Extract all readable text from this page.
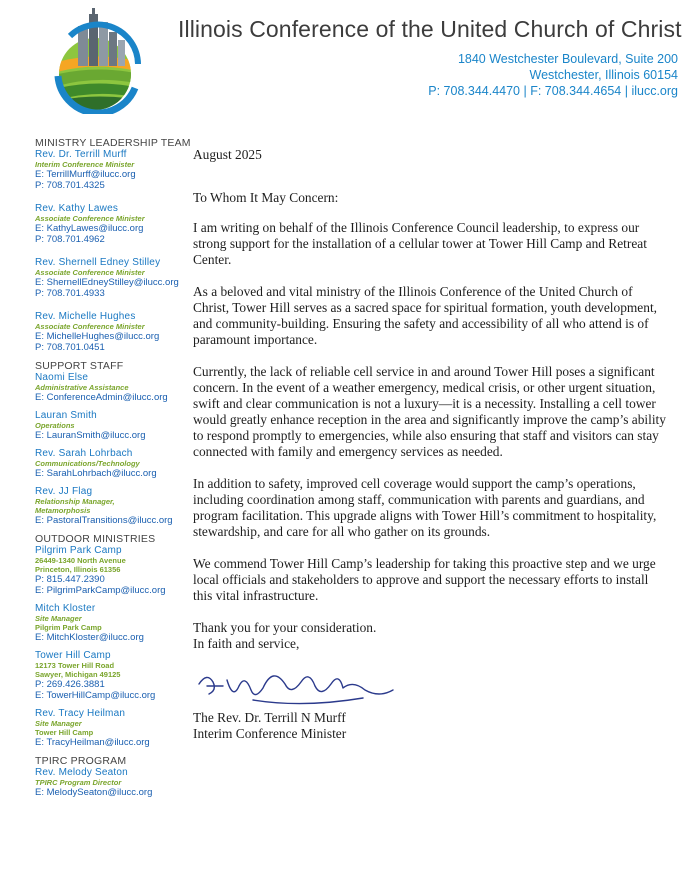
Illinois Conference of the United Church of Christ
1840 Westchester Boulevard, Suite 200
Westchester, Illinois 60154
P: 708.344.4470 | F: 708.344.4654 | ilucc.org
MINISTRY LEADERSHIP TEAM
Rev. Dr. Terrill Murff
Interim Conference Minister
E: TerrillMurff@ilucc.org
P: 708.701.4325
Rev. Kathy Lawes
Associate Conference Minister
E: KathyLawes@ilucc.org
P: 708.701.4962
Rev. Shernell Edney Stilley
Associate Conference Minister
E: ShernellEdneyStilley@ilucc.org
P: 708.701.4933
Rev. Michelle Hughes
Associate Conference Minister
E: MichelleHughes@ilucc.org
P: 708.701.0451
SUPPORT STAFF
Naomi Else
Administrative Assistance
E: ConferenceAdmin@ilucc.org
Lauran Smith
Operations
E: LauranSmith@ilucc.org
Rev. Sarah Lohrbach
Communications/Technology
E: SarahLohrbach@ilucc.org
Rev. JJ Flag
Relationship Manager,
Metamorphosis
E: PastoralTransitions@ilucc.org
OUTDOOR MINISTRIES
Pilgrim Park Camp
26449-1340 North Avenue
Princeton, Illinois 61356
P: 815.447.2390
E: PilgrimParkCamp@ilucc.org
Mitch Kloster
Site Manager
Pilgrim Park Camp
E: MitchKloster@ilucc.org
Tower Hill Camp
12173 Tower Hill Road
Sawyer, Michigan 49125
P: 269.426.3881
E: TowerHillCamp@ilucc.org
Rev. Tracy Heilman
Site Manager
Tower Hill Camp
E: TracyHeilman@ilucc.org
TPIRC PROGRAM
Rev. Melody Seaton
TPIRC Program Director
E: MelodySeaton@ilucc.org

August 2025

To Whom It May Concern:

I am writing on behalf of the Illinois Conference Council leadership, to express our strong support for the installation of a cellular tower at Tower Hill Camp and Retreat Center.

As a beloved and vital ministry of the Illinois Conference of the United Church of Christ, Tower Hill serves as a sacred space for spiritual formation, youth development, and community-building. Ensuring the safety and accessibility of all who attend is of paramount importance.

Currently, the lack of reliable cell service in and around Tower Hill poses a significant concern. In the event of a weather emergency, medical crisis, or other urgent situation, swift and clear communication is not a luxury—it is a necessity. Installing a cell tower would greatly enhance reception in the area and significantly improve the camp’s ability to respond promptly to emergencies, while also ensuring that staff and visitors can stay connected with family and emergency services as needed.

In addition to safety, improved cell coverage would support the camp’s operations, including coordination among staff, communication with parents and guardians, and program facilitation. This upgrade aligns with Tower Hill’s commitment to hospitality, stewardship, and care for all who gather on its grounds.

We commend Tower Hill Camp’s leadership for taking this proactive step and we urge local officials and stakeholders to approve and support the necessary efforts to install this vital infrastructure.

Thank you for your consideration.

In faith and service,

The Rev. Dr. Terrill N Murff

Interim Conference Minister
